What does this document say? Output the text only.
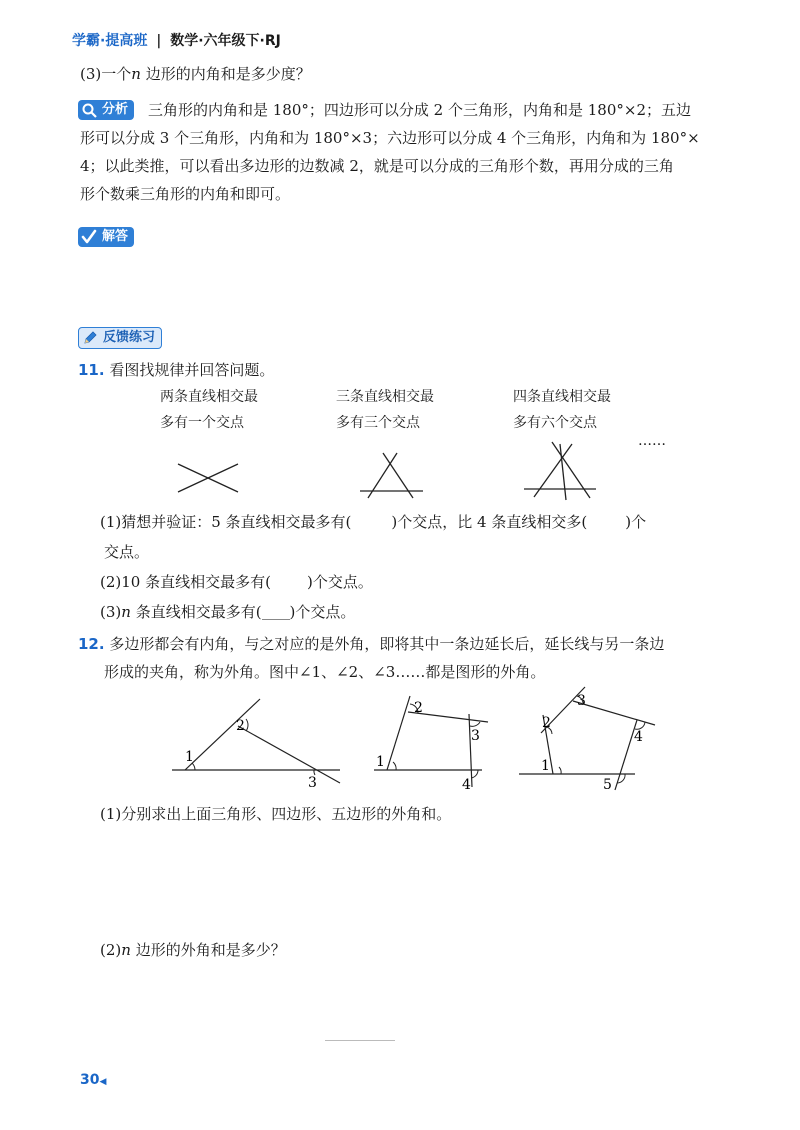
学霸·提高班 | 数学·六年级下·RJ
(3)一个n 边形的内角和是多少度？
分析	三角形的内角和是 180°；四边形可以分成 2 个三角形，内角和是 180°×2；五边
形可以分成 3 个三角形，内角和为 180°×3；六边形可以分成 4 个三角形，内角和为 180°×
4；以此类推，可以看出多边形的边数减 2，就是可以分成的三角形个数，再用分成的三角
形个数乘三角形的内角和即可。
解答
反馈练习
11. 看图找规律并回答问题。
两条直线相交最
多有一个交点
三条直线相交最
多有三个交点
四条直线相交最
多有六个交点
……
(1)猜想并验证：5 条直线相交最多有(	)个交点，比 4 条直线相交多(	)个
交点。
(2)10 条直线相交最多有( )个交点。
(3)n 条直线相交最多有( )个交点。
12. 多边形都会有内角，与之对应的是外角，即将其中一条边延长后，延长线与另一条边
形成的夹角，称为外角。图中∠1、∠2、∠3……都是图形的外角。
1
2
3
1
2
3
4
1
2
3
4
5
(1)分别求出上面三角形、四边形、五边形的外角和。
(2)n 边形的外角和是多少？
30◀
